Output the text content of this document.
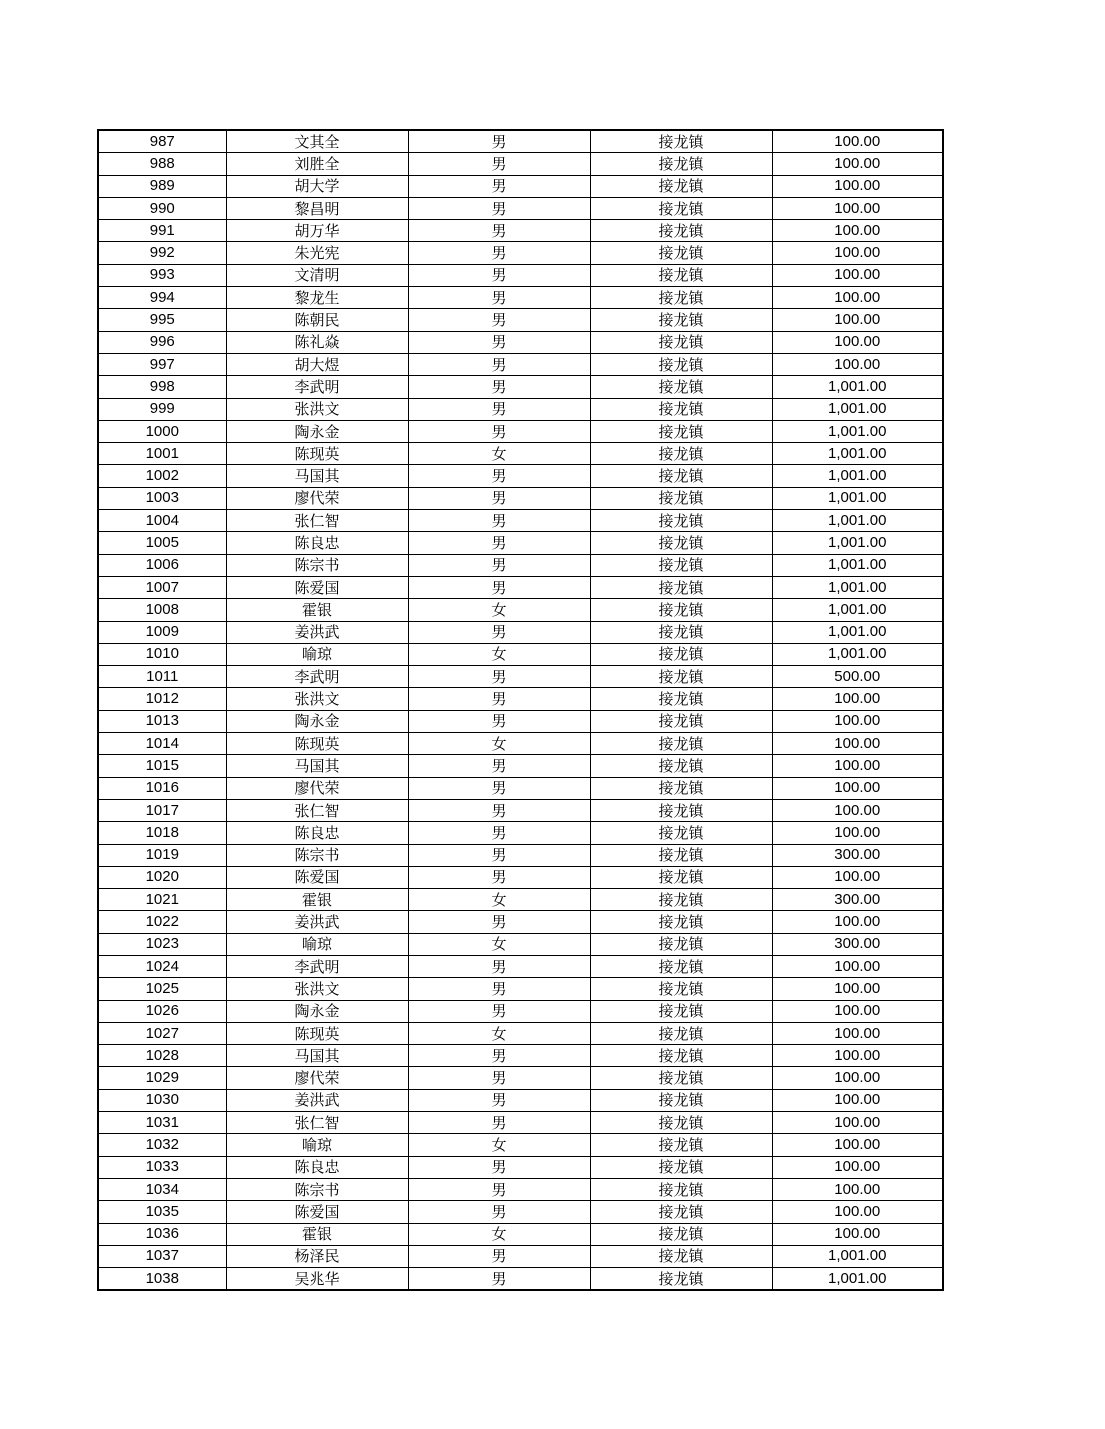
987	文其全	男	接龙镇	100.00
988	刘胜全	男	接龙镇	100.00
989	胡大学	男	接龙镇	100.00
990	黎昌明	男	接龙镇	100.00
991	胡万华	男	接龙镇	100.00
992	朱光宪	男	接龙镇	100.00
993	文清明	男	接龙镇	100.00
994	黎龙生	男	接龙镇	100.00
995	陈朝民	男	接龙镇	100.00
996	陈礼焱	男	接龙镇	100.00
997	胡大煜	男	接龙镇	100.00
998	李武明	男	接龙镇	1,001.00
999	张洪文	男	接龙镇	1,001.00
1000	陶永金	男	接龙镇	1,001.00
1001	陈现英	女	接龙镇	1,001.00
1002	马国其	男	接龙镇	1,001.00
1003	廖代荣	男	接龙镇	1,001.00
1004	张仁智	男	接龙镇	1,001.00
1005	陈良忠	男	接龙镇	1,001.00
1006	陈宗书	男	接龙镇	1,001.00
1007	陈爱国	男	接龙镇	1,001.00
1008	霍银	女	接龙镇	1,001.00
1009	姜洪武	男	接龙镇	1,001.00
1010	喻琼	女	接龙镇	1,001.00
1011	李武明	男	接龙镇	500.00
1012	张洪文	男	接龙镇	100.00
1013	陶永金	男	接龙镇	100.00
1014	陈现英	女	接龙镇	100.00
1015	马国其	男	接龙镇	100.00
1016	廖代荣	男	接龙镇	100.00
1017	张仁智	男	接龙镇	100.00
1018	陈良忠	男	接龙镇	100.00
1019	陈宗书	男	接龙镇	300.00
1020	陈爱国	男	接龙镇	100.00
1021	霍银	女	接龙镇	300.00
1022	姜洪武	男	接龙镇	100.00
1023	喻琼	女	接龙镇	300.00
1024	李武明	男	接龙镇	100.00
1025	张洪文	男	接龙镇	100.00
1026	陶永金	男	接龙镇	100.00
1027	陈现英	女	接龙镇	100.00
1028	马国其	男	接龙镇	100.00
1029	廖代荣	男	接龙镇	100.00
1030	姜洪武	男	接龙镇	100.00
1031	张仁智	男	接龙镇	100.00
1032	喻琼	女	接龙镇	100.00
1033	陈良忠	男	接龙镇	100.00
1034	陈宗书	男	接龙镇	100.00
1035	陈爱国	男	接龙镇	100.00
1036	霍银	女	接龙镇	100.00
1037	杨泽民	男	接龙镇	1,001.00
1038	吴兆华	男	接龙镇	1,001.00
